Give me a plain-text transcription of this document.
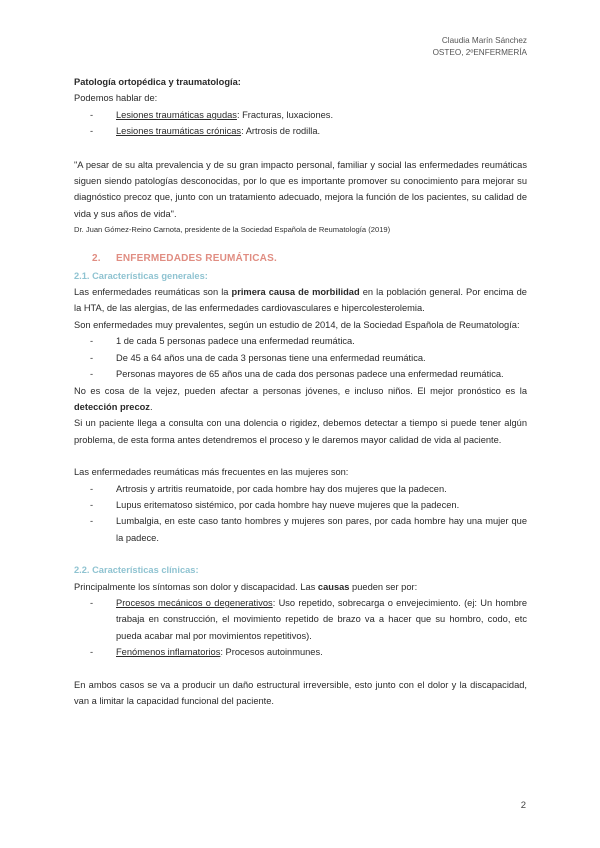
Claudia Marín Sánchez
OSTEO, 2ºENFERMERÍA

Patología ortopédica y traumatología:

Podemos hablar de:

- Lesiones traumáticas agudas: Fracturas, luxaciones.
- Lesiones traumáticas crónicas: Artrosis de rodilla.

"A pesar de su alta prevalencia y de su gran impacto personal, familiar y social las enfermedades reumáticas siguen siendo patologías desconocidas, por lo que es importante promover su conocimiento para mejorar su diagnóstico precoz que, junto con un tratamiento adecuado, mejora la función de los pacientes, su calidad de vida y sus años de vida".

Dr. Juan Gómez-Reino Carnota, presidente de la Sociedad Española de Reumatología (2019)

2. ENFERMEDADES REUMÁTICAS.

2.1. Características generales:

Las enfermedades reumáticas son la primera causa de morbilidad en la población general. Por encima de la HTA, de las alergias, de las enfermedades cardiovasculares e hipercolesterolemia.

Son enfermedades muy prevalentes, según un estudio de 2014, de la Sociedad Española de Reumatología:

- 1 de cada 5 personas padece una enfermedad reumática.
- De 45 a 64 años una de cada 3 personas tiene una enfermedad reumática.
- Personas mayores de 65 años una de cada dos personas padece una enfermedad reumática.

No es cosa de la vejez, pueden afectar a personas jóvenes, e incluso niños. El mejor pronóstico es la detección precoz.

Si un paciente llega a consulta con una dolencia o rigidez, debemos detectar a tiempo si puede tener algún problema, de esta forma antes detendremos el proceso y le daremos mayor calidad de vida al paciente.

Las enfermedades reumáticas más frecuentes en las mujeres son:

- Artrosis y artritis reumatoide, por cada hombre hay dos mujeres que la padecen.
- Lupus eritematoso sistémico, por cada hombre hay nueve mujeres que la padecen.
- Lumbalgia, en este caso tanto hombres y mujeres son pares, por cada hombre hay una mujer que la padece.

2.2. Características clínicas:

Principalmente los síntomas son dolor y discapacidad. Las causas pueden ser por:

- Procesos mecánicos o degenerativos: Uso repetido, sobrecarga o envejecimiento. (ej: Un hombre trabaja en construcción, el movimiento repetido de brazo va a hacer que su hombro, codo, etc pueda acabar mal por movimientos repetitivos).
- Fenómenos inflamatorios: Procesos autoinmunes.

En ambos casos se va a producir un daño estructural irreversible, esto junto con el dolor y la discapacidad, van a limitar la capacidad funcional del paciente.

2
